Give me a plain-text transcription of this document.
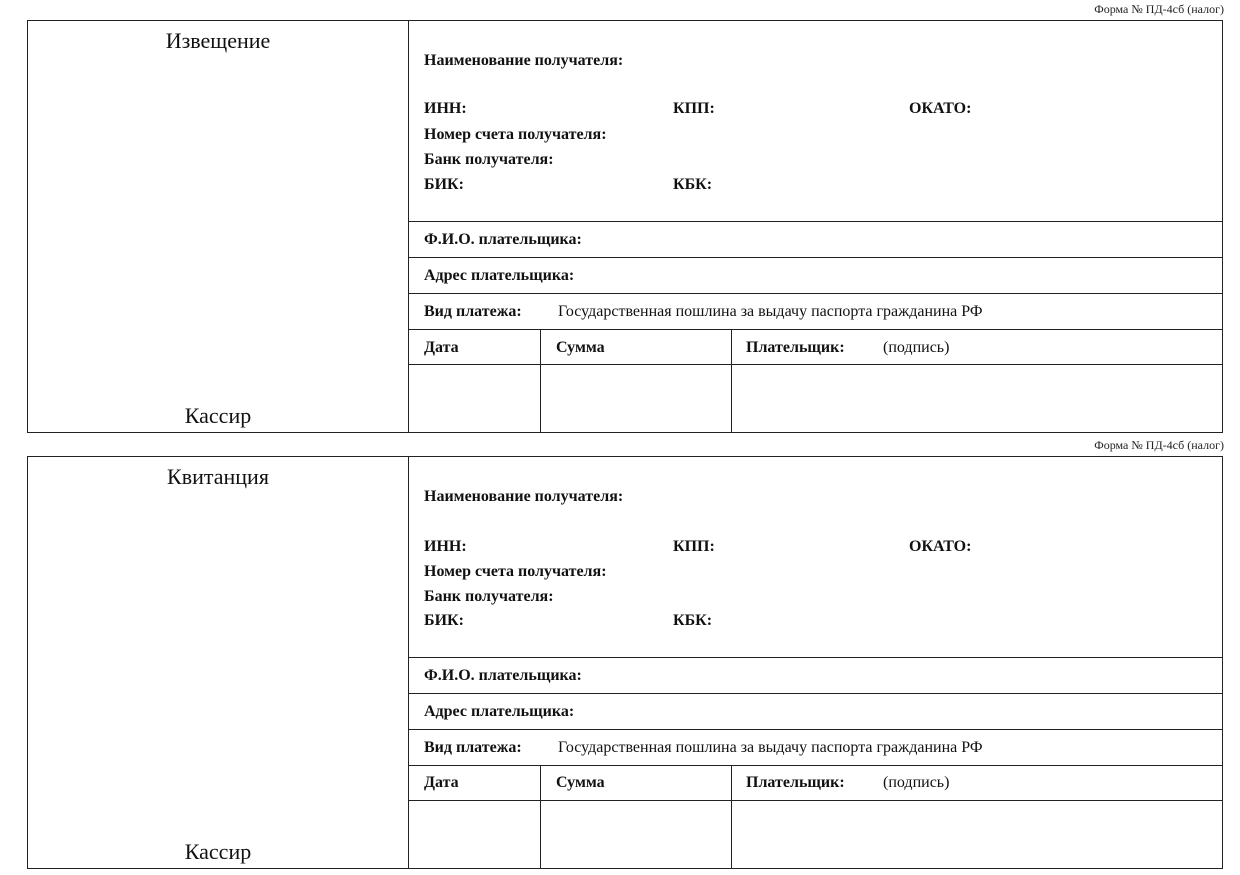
Форма № ПД-4сб (налог)
Извещение
Кассир
Наименование получателя:
ИНН:	КПП:	ОКАТО:
Номер счета получателя:
Банк получателя:
БИК:	КБК:
Ф.И.О. плательщика:
Адрес плательщика:
Вид платежа: Государственная пошлина за выдачу паспорта гражданина РФ
Дата	Сумма	Плательщик: (подпись)
Форма № ПД-4сб (налог)
Квитанция
Кассир
Наименование получателя:
ИНН:	КПП:	ОКАТО:
Номер счета получателя:
Банк получателя:
БИК:	КБК:
Ф.И.О. плательщика:
Адрес плательщика:
Вид платежа: Государственная пошлина за выдачу паспорта гражданина РФ
Дата	Сумма	Плательщик: (подпись)
